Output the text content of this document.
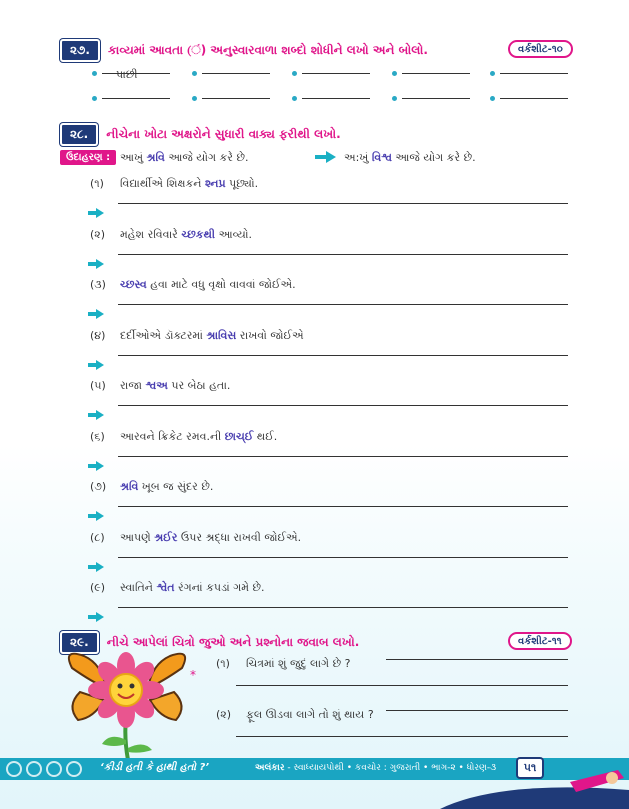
૨૭.	કાવ્યમાં આવતા (ં) અનુસ્વારવાળા શબ્દો શોધીને લખો અને બોલો.	વર્કશીટ-૧૦
પાછી
૨૮.	નીચેના ખોટા અક્ષરોને સુધારી વાક્ય ફરીથી લખો.
ઉદાહરણ : આખું શ્રવિ આજે યોગ કરે છે.	અ:ખું વિશ્વ આજે યોગ કરે છે.
(૧) વિદ્યાર્થીએ શિક્ષકને શ્નપ્ર પૂછ્યો.
(૨) મહેશ રવિવારે ચ્છકથી આવ્યો.
(૩) ચ્છસ્વ હવા માટે વધુ વૃક્ષો વાવવાં જોઈએ.
(૪) દર્દીઓએ ડૉક્ટરમાં શ્રાવિસ રાખવો જોઈએ
(૫) રાજા શ્વઅ પર બેઠા હતા.
(૬) આરવને ક્રિકેટ રમવ.ની છાચ્ઈ થઈ.
(૭) શ્રવિ ખૂબ જ સુંદર છે.
(૮) આપણે શ્રઈર ઉપર શ્રદ્ધા રાખવી જોઈએ.
(૯) સ્વાતિને શ્વેત રંગનાં કપડાં ગમે છે.
૨૯.	નીચે આપેલાં ચિત્રો જુઓ અને પ્રશ્નોના જવાબ લખો.	વર્કશીટ-૧૧
*
(૧) ચિત્રમાં શું જુદું લાગે છે ?
(૨) ફૂલ ઊડવા લાગે તો શું થાય ?
‘કીડી હતી કે હાથી હતો ?’	અલંકાર - સ્વાધ્યાયપોથી • કવચોર : ગુજરાતી • ભાગ-૨ • ધોરણ-૩	૫૧
